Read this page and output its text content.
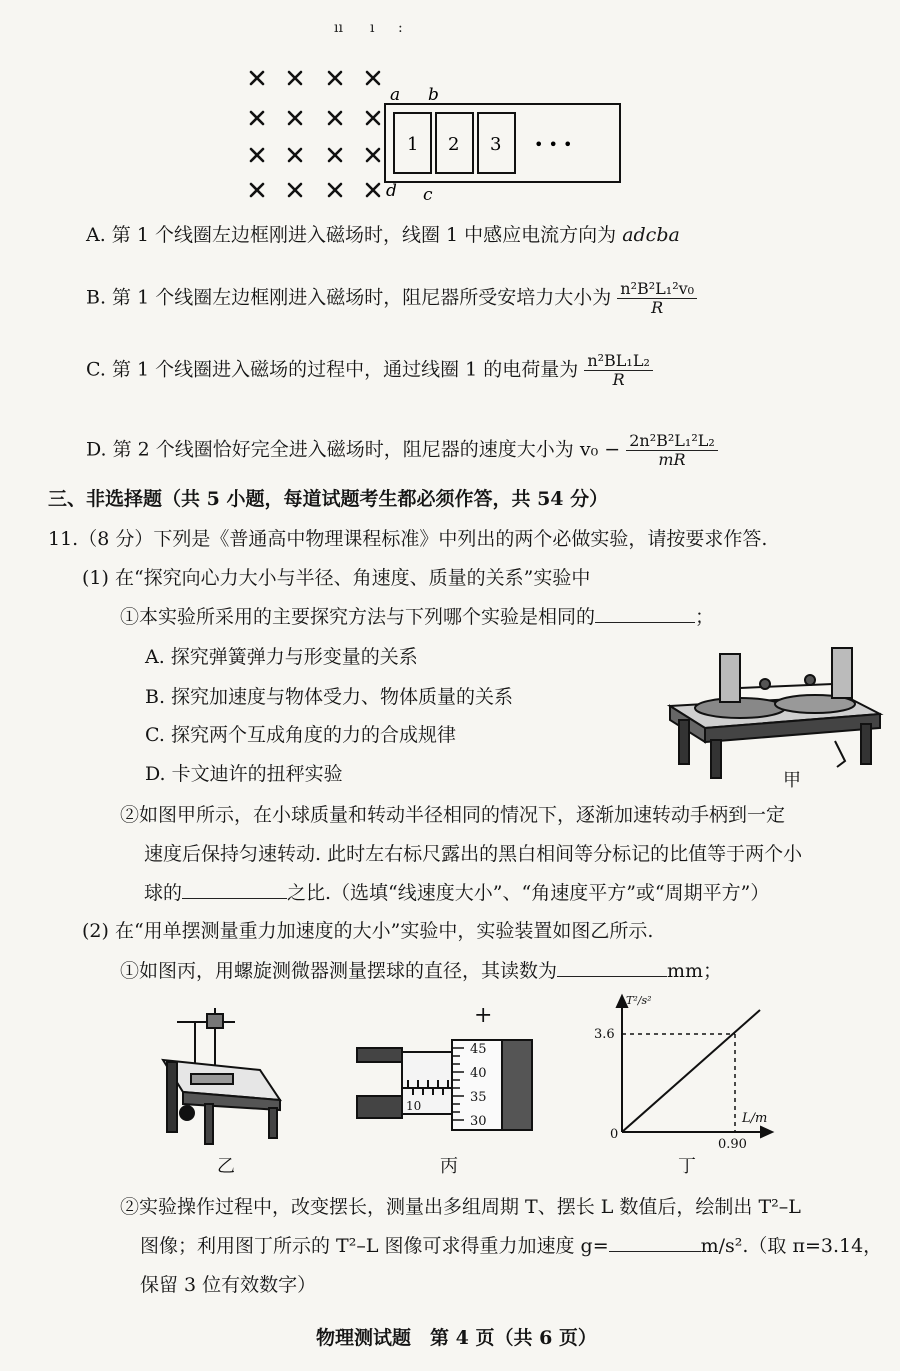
ıı ı :
1 2 3 • • •
a b
d c
A. 第 1 个线圈左边框刚进入磁场时，线圈 1 中感应电流方向为 adcba
B. 第 1 个线圈左边框刚进入磁场时，阻尼器所受安培力大小为 $\frac{\text{n²B²L₁²v₀}}{R}$
C. 第 1 个线圈进入磁场的过程中，通过线圈 1 的电荷量为 $\frac{\text{n²BL₁L₂}}{R}$
D. 第 2 个线圈恰好完全进入磁场时，阻尼器的速度大小为 $v_0 - \frac{\text{2n²B²L₁²L₂}}{mR}$
三、非选择题（共 5 小题，每道试题考生都必须作答，共 54 分）
11.（8 分）下列是《普通高中物理课程标准》中列出的两个必做实验，请按要求作答.
(1) 在“探究向心力大小与半径、角速度、质量的关系”实验中
①本实验所采用的主要探究方法与下列哪个实验是相同的	；
A. 探究弹簧弹力与形变量的关系
B. 探究加速度与物体受力、物体质量的关系
C. 探究两个互成角度的力的合成规律
D. 卡文迪许的扭秤实验	甲
②如图甲所示，在小球质量和转动半径相同的情况下，逐渐加速转动手柄到一定
速度后保持匀速转动. 此时左右标尺露出的黑白相间等分标记的比值等于两个小
球的	之比.（选填“线速度大小”、“角速度平方”或“周期平方”）
(2) 在“用单摆测量重力加速度的大小”实验中，实验装置如图乙所示.
①如图丙，用螺旋测微器测量摆球的直径，其读数为	mm；
乙
+
45
40
35
30
10
丙
T²/s²
L/m
3.6
0.90
0
丁
②实验操作过程中，改变摆长，测量出多组周期 T、摆长 L 数值后，绘制出 T²–L
图像；利用图丁所示的 T²–L 图像可求得重力加速度 g=	m/s².（取 π=3.14，
保留 3 位有效数字）
物理测试题　第 4 页（共 6 页）
